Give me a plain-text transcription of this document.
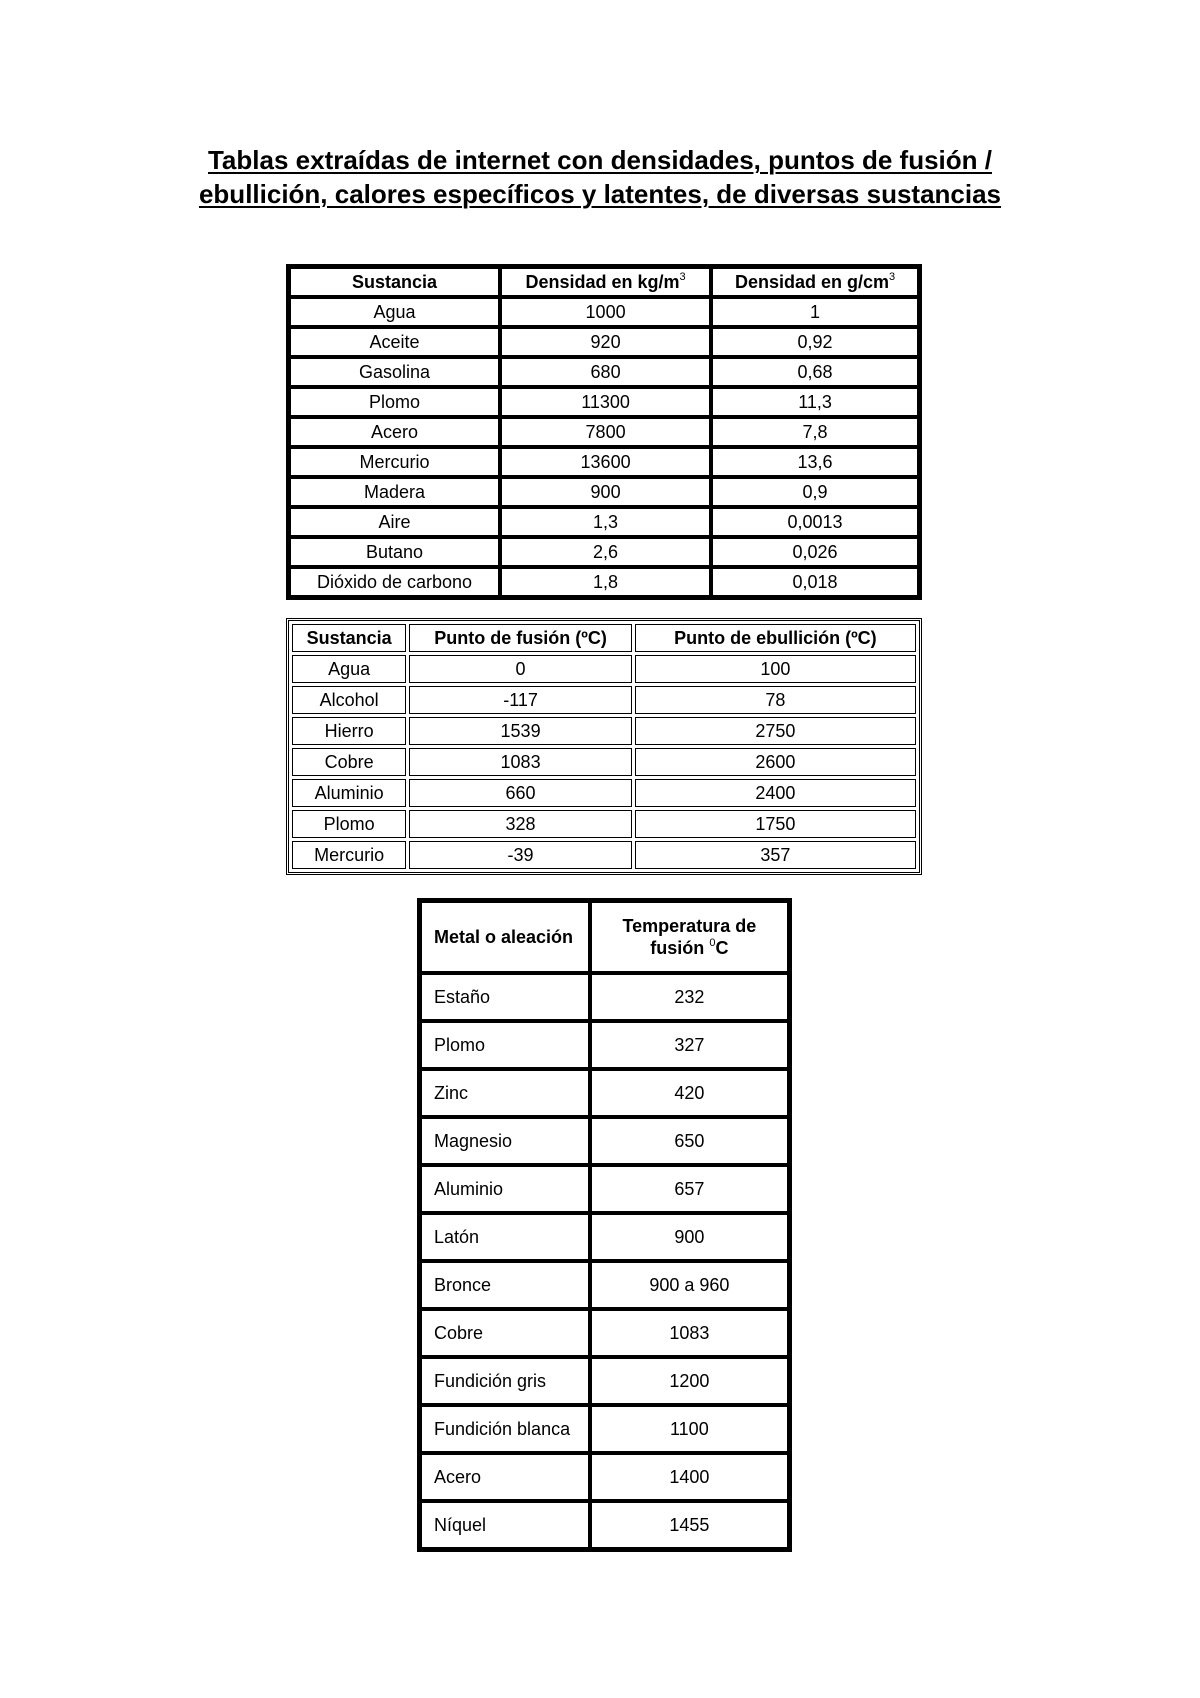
Tablas extraídas de internet con densidades, puntos de fusión /
ebullición, calores específicos y latentes, de diversas sustancias
Sustancia	Densidad en $kg/m^3$	Densidad en $g/cm^3$
Agua	1000	1
Aceite	920	0,92
Gasolina	680	0,68
Plomo	11300	11,3
Acero	7800	7,8
Mercurio	13600	13,6
Madera	900	0,9
Aire	1,3	0,0013
Butano	2,6	0,026
Dióxido de carbono	1,8	0,018
Sustancia	Punto de fusión (ºC)	Punto de ebullición (ºC)
Agua	0	100
Alcohol	-117	78
Hierro	1539	2750
Cobre	1083	2600
Aluminio	660	2400
Plomo	328	1750
Mercurio	-39	357
Metal o aleación	Temperatura de
fusión $^0$C
Estaño	232
Plomo	327
Zinc	420
Magnesio	650
Aluminio	657
Latón	900
Bronce	900 a 960
Cobre	1083
Fundición gris	1200
Fundición blanca	1100
Acero	1400
Níquel	1455
